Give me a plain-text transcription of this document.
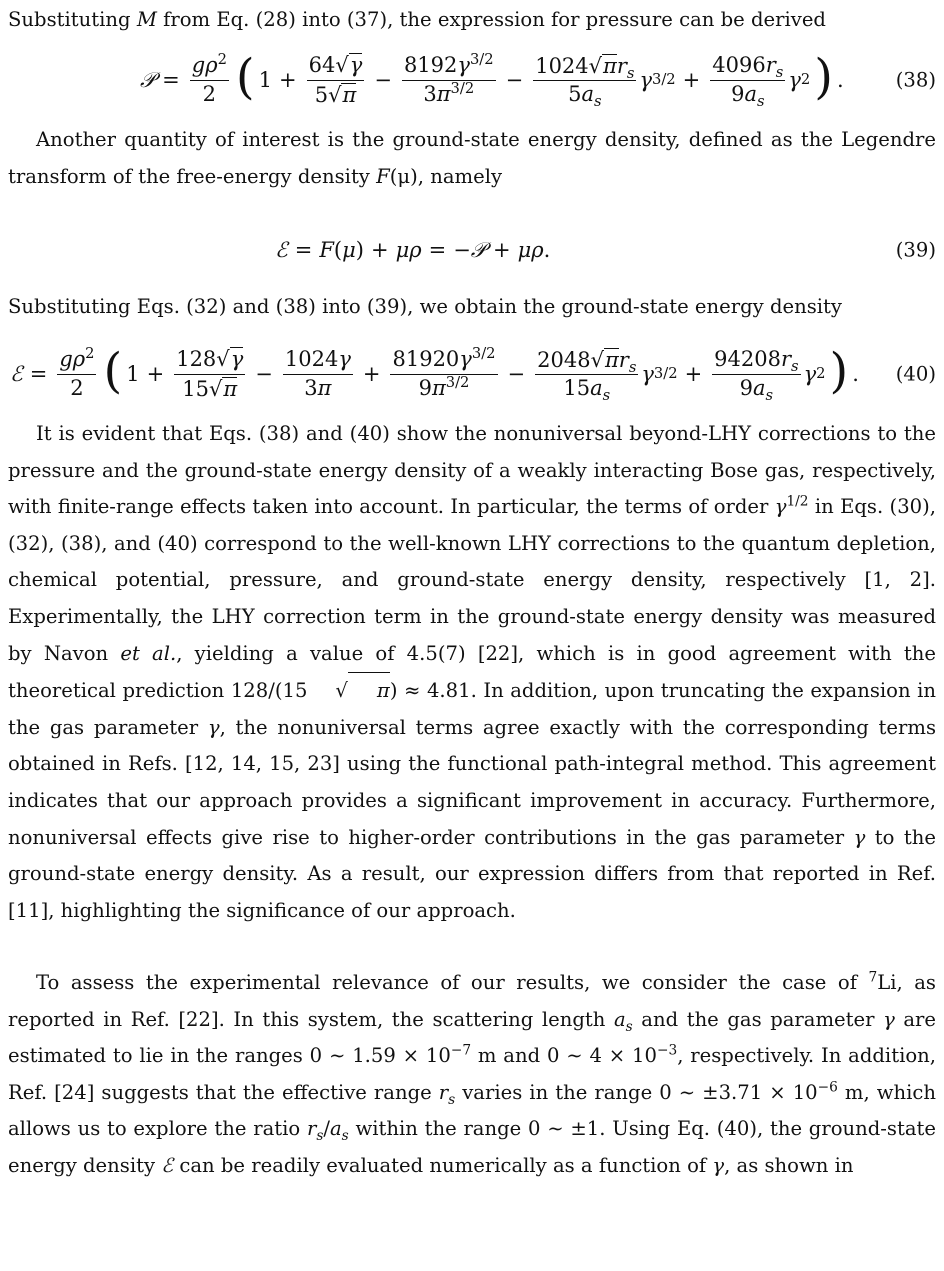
Substituting M from Eq. (28) into (37), the expression for pressure can be derived

𝒫 = $\frac{g\rho^2}{2}$ ( $1 + \frac{64 √ \gamma}{5 √ \pi} - \frac{8192\gamma^{3/2}}{3\pi^{3/2}} - \frac{1024 √ \pi r_s}{5a_s}$ γ $3/2 + \frac{4096r_s}{9a_s}$ γ 2 ) .	(38)

Another quantity of interest is the ground-state energy density, defined as the Legendre transform of the free-energy density F(μ), namely

ℰ = F ( μ ) + μρ = − 𝒫 + μρ .	(39)

Substituting Eqs. (32) and (38) into (39), we obtain the ground-state energy density

ℰ = $\frac{g\rho^2}{2}$ ( $1 + \frac{128 √ \gamma}{15 √ \pi} - \frac{1024\gamma}{3\pi} + \frac{81920\gamma^{3/2}}{9\pi^{3/2}} - \frac{2048 √ \pi r_s}{15a_s}$ γ $3/2 + \frac{94208r_s}{9a_s}$ γ 2 ) . (40)

It is evident that Eqs. (38) and (40) show the nonuniversal beyond-LHY corrections to the pressure and the ground-state energy density of a weakly interacting Bose gas, respectively, with finite-range effects taken into account. In particular, the terms of order $\gamma^{1/2}$ in Eqs. (30), (32), (38), and (40) correspond to the well-known LHY corrections to the quantum depletion, chemical potential, pressure, and ground-state energy density, respectively [1, 2]. Experimentally, the LHY correction term in the ground-state energy density was measured by Navon et al., yielding a value of 4.5(7) [22], which is in good agreement with the theoretical prediction 128/(15	√	π ) ≈ 4.81. In addition, upon truncating the expansion in the gas parameter γ, the nonuniversal terms agree exactly with the corresponding terms obtained in Refs. [12, 14, 15, 23] using the functional path-integral method. This agreement indicates that our approach provides a significant improvement in accuracy. Furthermore, nonuniversal effects give rise to higher-order contributions in the gas parameter γ to the ground-state energy density. As a result, our expression differs from that reported in Ref. [11], highlighting the significance of our approach.

To assess the experimental relevance of our results, we consider the case of $^7$Li, as reported in Ref. [22]. In this system, the scattering length $a_s$ and the gas parameter γ are estimated to lie in the ranges 0 ∼ $1.59 \times 10^{-7}$ m and 0 ∼ $4 \times 10^{-3}$, respectively. In addition, Ref. [24] suggests that the effective range $r_s$ varies in the range 0 ∼ $\pm 3.71 \times 10^{-6}$ m, which allows us to explore the ratio $r_s/a_s$ within the range 0 ∼ ±1. Using Eq. (40), the ground-state energy density ℰ can be readily evaluated numerically as a function of γ, as shown in
